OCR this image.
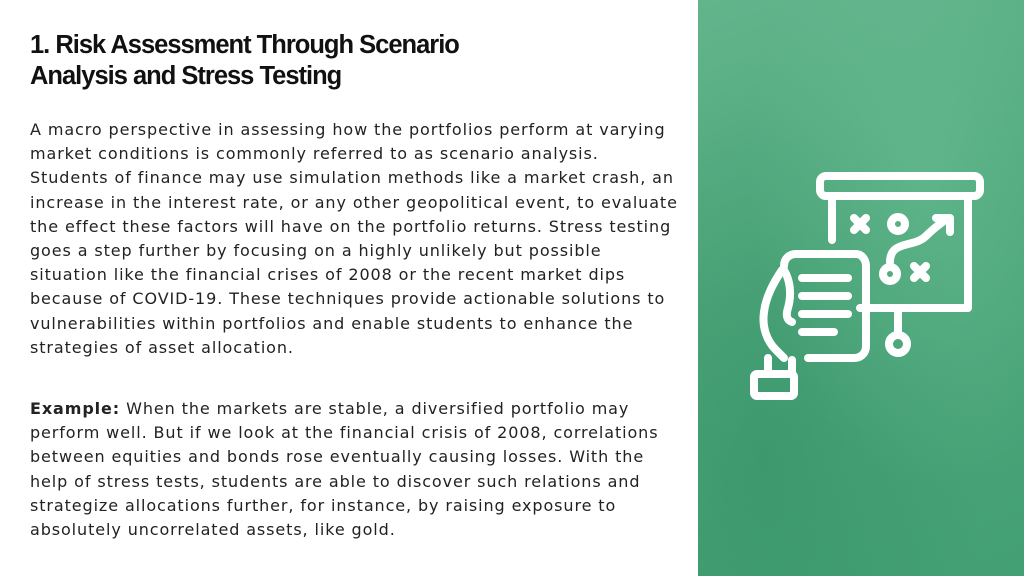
1. Risk Assessment Through Scenario
Analysis and Stress Testing

A macro perspective in assessing how the portfolios perform at varying market conditions is commonly referred to as scenario analysis. Students of finance may use simulation methods like a market crash, an increase in the interest rate, or any other geopolitical event, to evaluate the effect these factors will have on the portfolio returns. Stress testing goes a step further by focusing on a highly unlikely but possible situation like the financial crises of 2008 or the recent market dips because of COVID-19. These techniques provide actionable solutions to vulnerabilities within portfolios and enable students to enhance the strategies of asset allocation.

Example: When the markets are stable, a diversified portfolio may perform well. But if we look at the financial crisis of 2008, correlations between equities and bonds rose eventually causing losses. With the help of stress tests, students are able to discover such relations and strategize allocations further, for instance, by raising exposure to absolutely uncorrelated assets, like gold.
